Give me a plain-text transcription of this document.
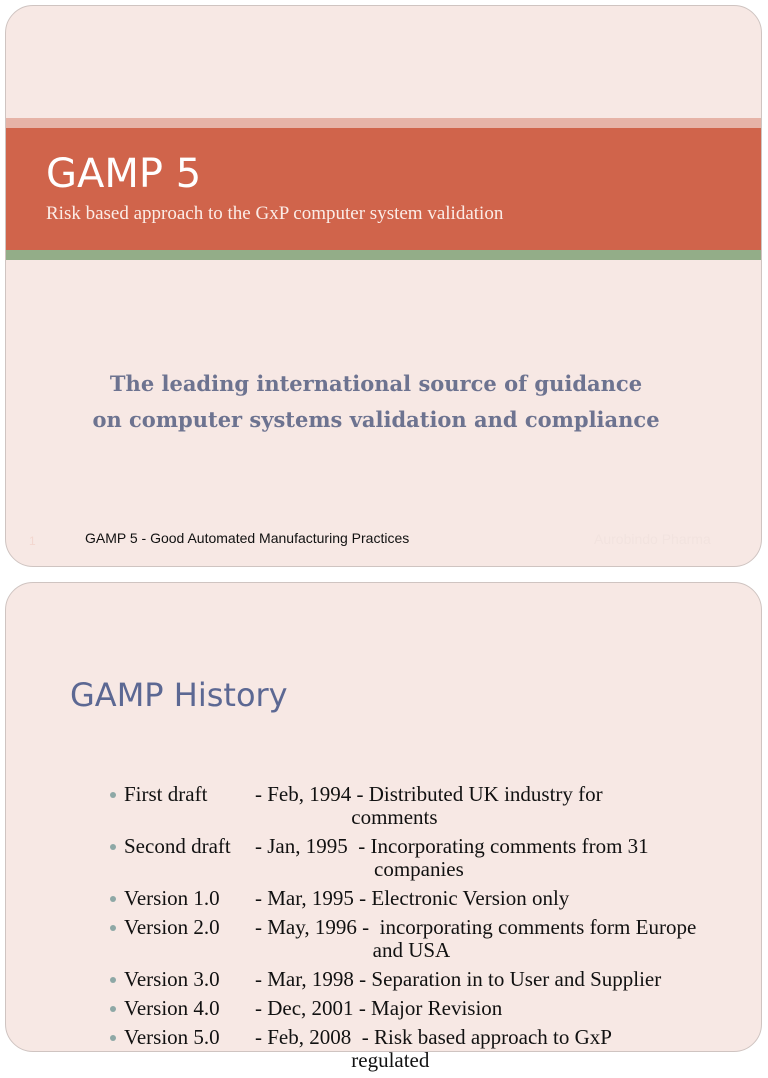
GAMP 5

Risk based approach to the GxP computer system validation

The leading international source of guidance
on computer systems validation and compliance

1	GAMP 5 - Good Automated Manufacturing Practices	Aurobindo Pharma
GAMP History
First draft	- Feb, 1994 - Distributed UK industry for comments
Second draft	- Jan, 1995 - Incorporating comments from 31
companies
Version 1.0	- Mar, 1995 - Electronic Version only
Version 2.0	- May, 1996 -  incorporating comments form Europe
and USA
Version 3.0	- Mar, 1998 - Separation in to User and Supplier
Version 4.0	- Dec, 2001 - Major Revision
Version 5.0	- Feb, 2008 - Risk based approach to GxP regulated
